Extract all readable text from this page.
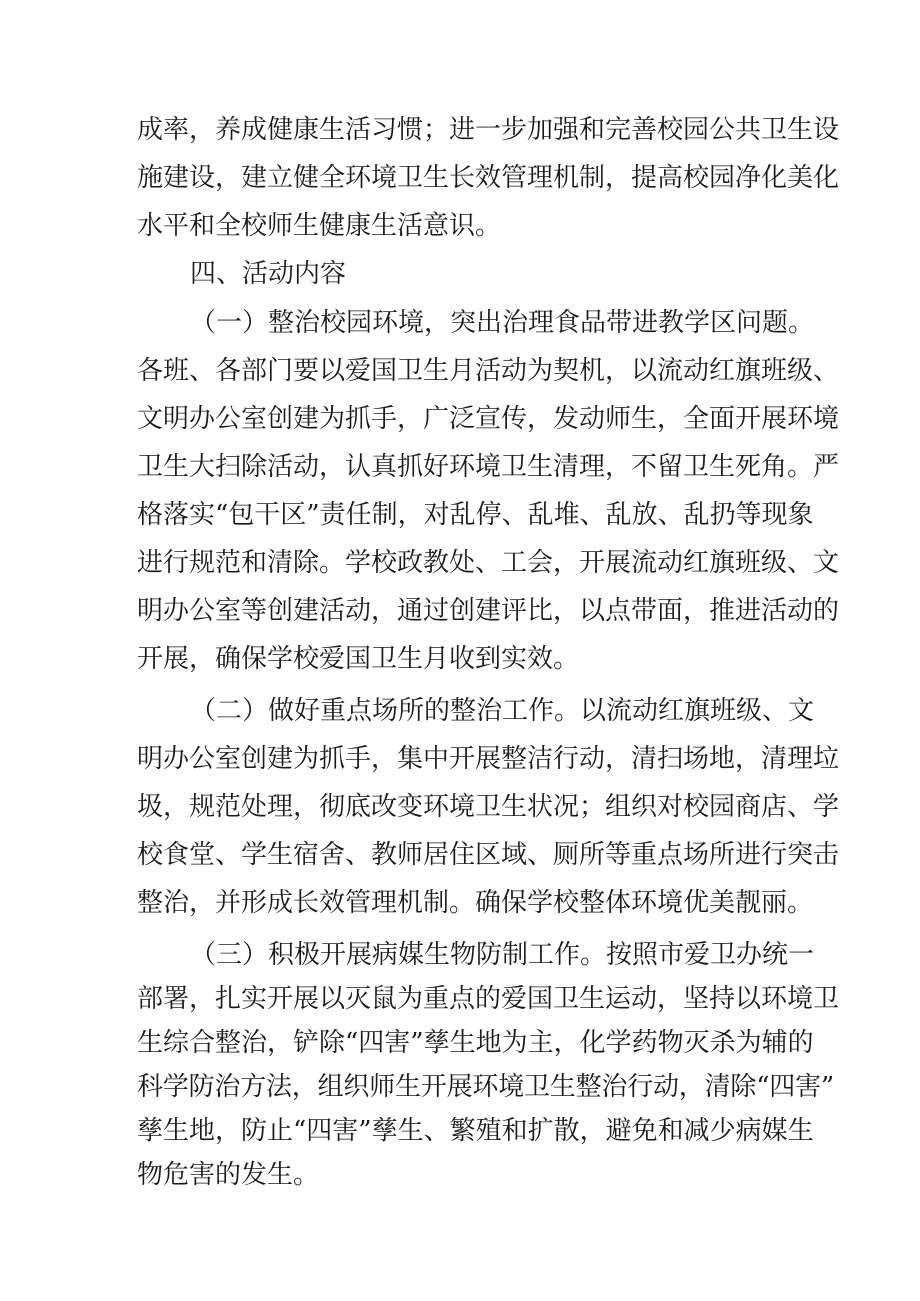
成率，养成健康生活习惯；进一步加强和完善校园公共卫生设
施建设，建立健全环境卫生长效管理机制，提高校园净化美化
水平和全校师生健康生活意识。
四、活动内容
（一）整治校园环境，突出治理食品带进教学区问题。
各班、各部门要以爱国卫生月活动为契机，以流动红旗班级、
文明办公室创建为抓手，广泛宣传，发动师生，全面开展环境
卫生大扫除活动，认真抓好环境卫生清理，不留卫生死角。严
格落实“包干区”责任制，对乱停、乱堆、乱放、乱扔等现象
进行规范和清除。学校政教处、工会，开展流动红旗班级、文
明办公室等创建活动，通过创建评比，以点带面，推进活动的
开展，确保学校爱国卫生月收到实效。
（二）做好重点场所的整治工作。以流动红旗班级、文
明办公室创建为抓手，集中开展整洁行动，清扫场地，清理垃
圾，规范处理，彻底改变环境卫生状况；组织对校园商店、学
校食堂、学生宿舍、教师居住区域、厕所等重点场所进行突击
整治，并形成长效管理机制。确保学校整体环境优美靓丽。
（三）积极开展病媒生物防制工作。按照市爱卫办统一
部署，扎实开展以灭鼠为重点的爱国卫生运动，坚持以环境卫
生综合整治，铲除“四害”孳生地为主，化学药物灭杀为辅的
科学防治方法，组织师生开展环境卫生整治行动，清除“四害”
孳生地，防止“四害”孳生、繁殖和扩散，避免和减少病媒生
物危害的发生。
